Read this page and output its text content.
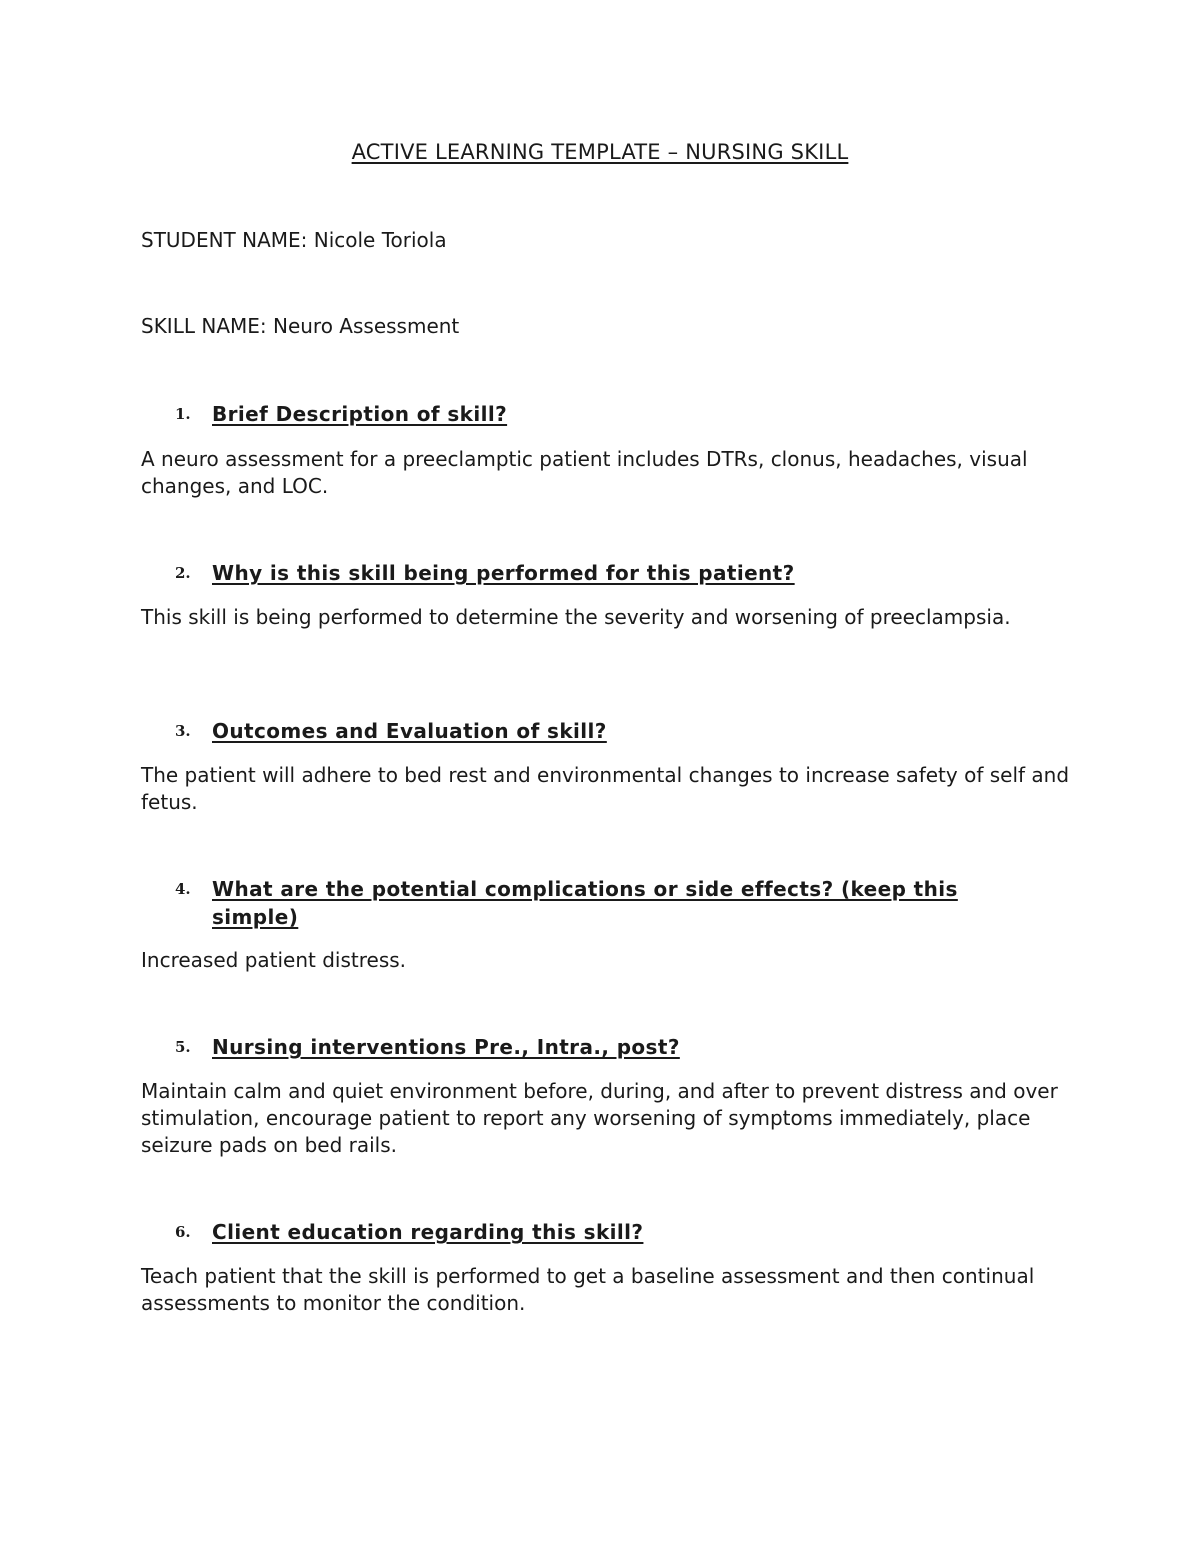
ACTIVE LEARNING TEMPLATE – NURSING SKILL
STUDENT NAME: Nicole Toriola
SKILL NAME: Neuro Assessment
1.	Brief Description of skill?
A neuro assessment for a preeclamptic patient includes DTRs, clonus, headaches, visual changes, and LOC.
2.	Why is this skill being performed for this patient?
This skill is being performed to determine the severity and worsening of preeclampsia.
3.	Outcomes and Evaluation of skill?
The patient will adhere to bed rest and environmental changes to increase safety of self and fetus.
4.	What are the potential complications or side effects? (keep this simple)
Increased patient distress.
5.	Nursing interventions Pre., Intra., post?
Maintain calm and quiet environment before, during, and after to prevent distress and over stimulation, encourage patient to report any worsening of symptoms immediately, place seizure pads on bed rails.
6.	Client education regarding this skill?
Teach patient that the skill is performed to get a baseline assessment and then continual assessments to monitor the condition.
